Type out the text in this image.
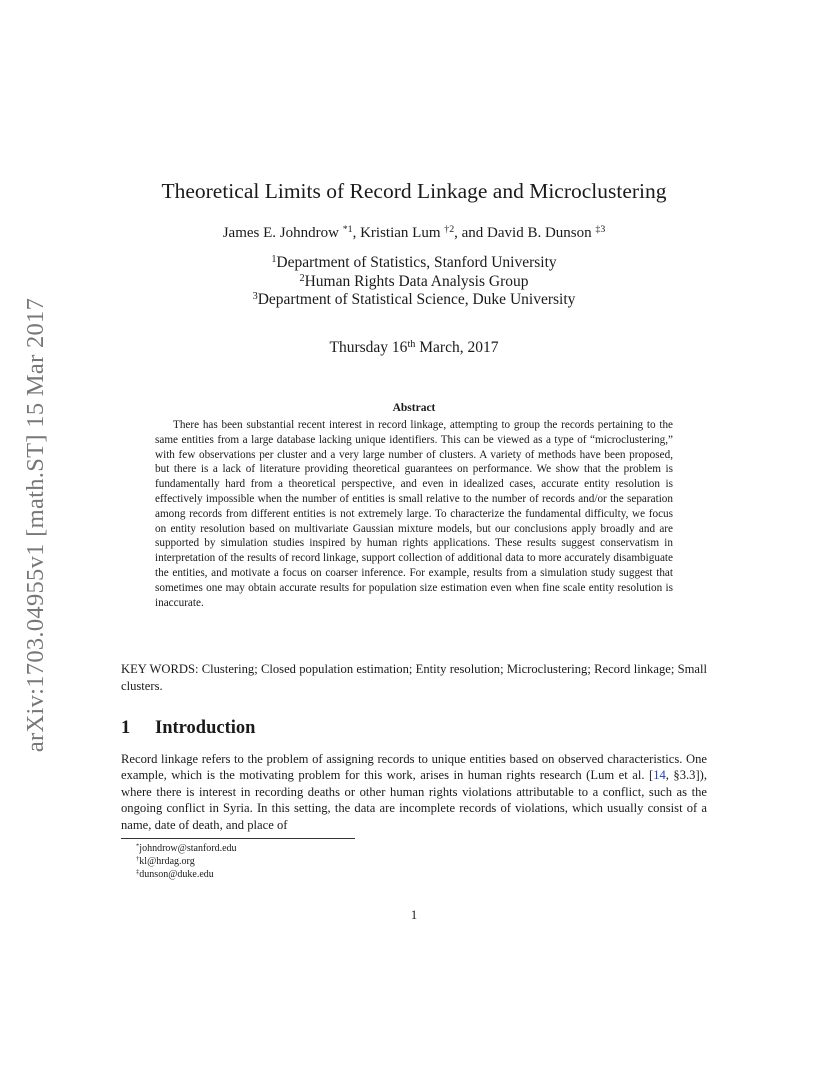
arXiv:1703.04955v1 [math.ST] 15 Mar 2017
Theoretical Limits of Record Linkage and Microclustering
James E. Johndrow $^{*1}$, Kristian Lum $^{\dagger 2}$, and David B. Dunson $^{\ddagger 3}$
$^1$Department of Statistics, Stanford University
$^2$Human Rights Data Analysis Group
$^3$Department of Statistical Science, Duke University
Thursday 16th March, 2017
Abstract

There has been substantial recent interest in record linkage, attempting to group the records pertaining to the same entities from a large database lacking unique identifiers. This can be viewed as a type of “microclustering,” with few observations per cluster and a very large number of clusters. A variety of methods have been proposed, but there is a lack of literature providing theoretical guarantees on performance. We show that the problem is fundamentally hard from a theoretical perspective, and even in idealized cases, accurate entity resolution is effectively impossible when the number of entities is small relative to the number of records and/or the separation among records from different entities is not extremely large. To characterize the fundamental difficulty, we focus on entity resolution based on multivariate Gaussian mixture models, but our conclusions apply broadly and are supported by simulation studies inspired by human rights applications. These results suggest conservatism in interpretation of the results of record linkage, support collection of additional data to more accurately disambiguate the entities, and motivate a focus on coarser inference. For example, results from a simulation study suggest that sometimes one may obtain accurate results for population size estimation even when fine scale entity resolution is inaccurate.

KEY WORDS: Clustering; Closed population estimation; Entity resolution; Microclustering; Record linkage; Small clusters.

1 Introduction

Record linkage refers to the problem of assigning records to unique entities based on observed characteristics. One example, which is the motivating problem for this work, arises in human rights research (Lum et al. [14, §3.3]), where there is interest in recording deaths or other human rights violations attributable to a conflict, such as the ongoing conflict in Syria. In this setting, the data are incomplete records of violations, which usually consist of a name, date of death, and place of

*johndrow@stanford.edu
†kl@hrdag.org
‡dunson@duke.edu
1
